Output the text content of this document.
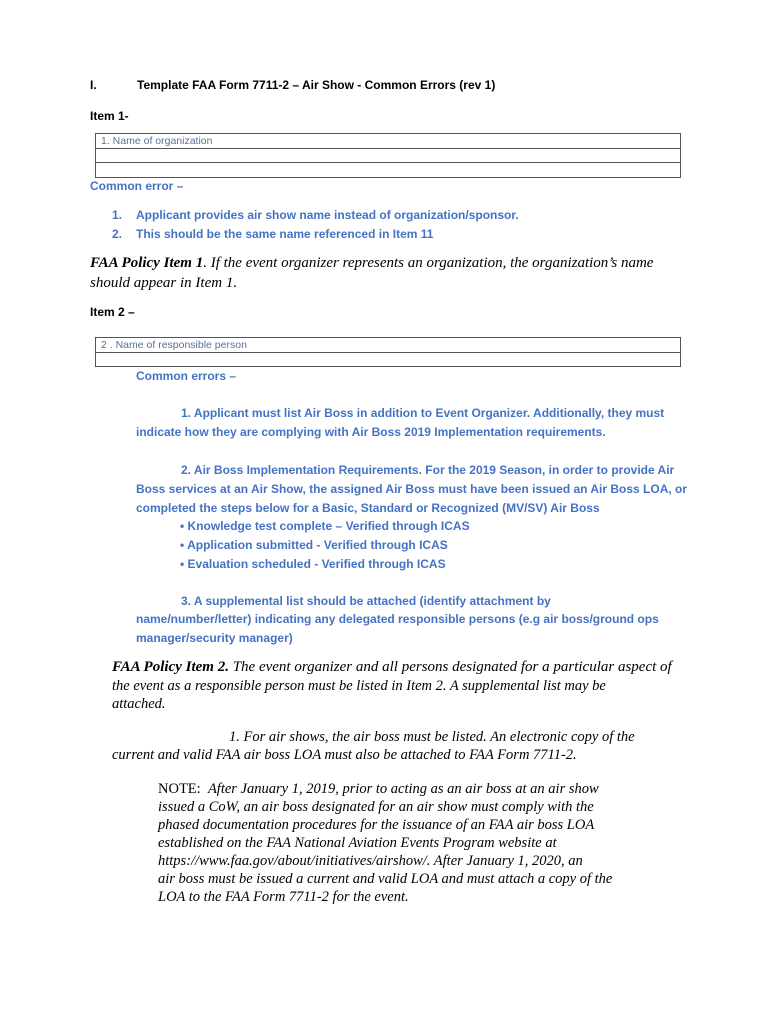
I.	Template FAA Form 7711-2 – Air Show - Common Errors (rev 1)
Item 1-
1. Name of organization
Common error –
1. Applicant provides air show name instead of organization/sponsor.
2. This should be the same name referenced in Item 11
FAA Policy Item 1. If the event organizer represents an organization, the organization’s name
should appear in Item 1.
Item 2 –
2 . Name of responsible person
Common errors –
1. Applicant must list Air Boss in addition to Event Organizer. Additionally, they must
indicate how they are complying with Air Boss 2019 Implementation requirements.
2. Air Boss Implementation Requirements. For the 2019 Season, in order to provide Air
Boss services at an Air Show, the assigned Air Boss must have been issued an Air Boss LOA, or
completed the steps below for a Basic, Standard or Recognized (MV/SV) Air Boss
• Knowledge test complete – Verified through ICAS
• Application submitted - Verified through ICAS
• Evaluation scheduled - Verified through ICAS
3. A supplemental list should be attached (identify attachment by
name/number/letter) indicating any delegated responsible persons (e.g air boss/ground ops
manager/security manager)
FAA Policy Item 2. The event organizer and all persons designated for a particular aspect of
the event as a responsible person must be listed in Item 2. A supplemental list may be
attached.
1. For air shows, the air boss must be listed. An electronic copy of the
current and valid FAA air boss LOA must also be attached to FAA Form 7711-2.
NOTE: After January 1, 2019, prior to acting as an air boss at an air show
issued a CoW, an air boss designated for an air show must comply with the
phased documentation procedures for the issuance of an FAA air boss LOA
established on the FAA National Aviation Events Program website at
https://www.faa.gov/about/initiatives/airshow/. After January 1, 2020, an
air boss must be issued a current and valid LOA and must attach a copy of the
LOA to the FAA Form 7711-2 for the event.
